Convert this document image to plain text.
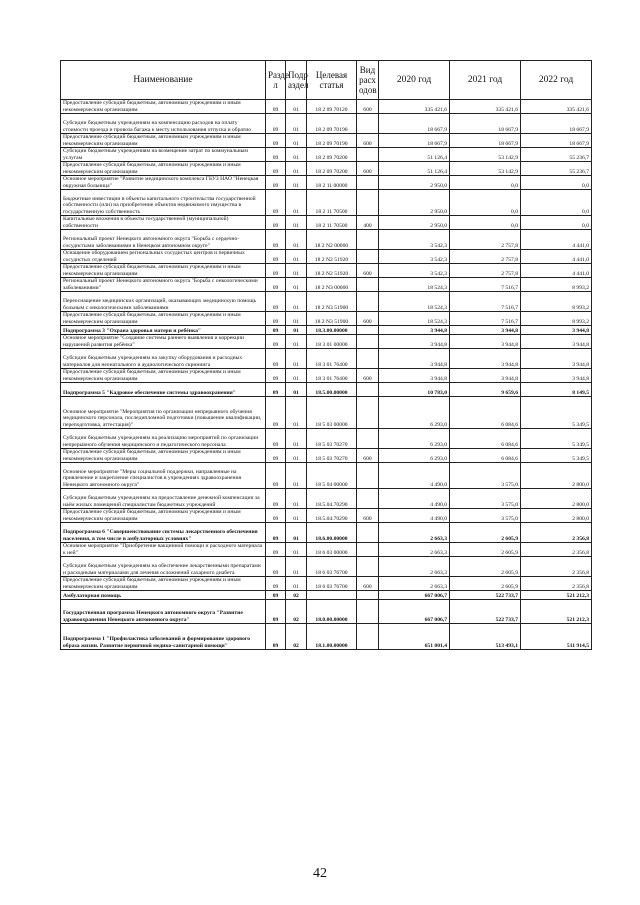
Наименование	Разде л	Подр аздел	Целевая статья	Вид расх одов	2020 год	2021 год	2022 год
Предоставление субсидий бюджетным, автономным учреждениям и иным некоммерческим организациям	09	01	18 2 09 70120	600	335 421,6	335 421,6	335 421,6
Субсидии бюджетным учреждениям на компенсацию расходов на оплату стоимости проезда и провоза багажа к месту использования отпуска и обратно	09	01	18 2 09 70190		18 667,9	18 667,9	18 667,9
Предоставление субсидий бюджетным, автономным учреждениям и иным некоммерческим организациям	09	01	18 2 09 70190	600	18 667,9	18 667,9	18 667,9
Субсидии бюджетным учреждениям на возмещение затрат по коммунальным услугам	09	01	18 2 09 70200		51 126,4	53 142,9	55 236,7
Предоставление субсидий бюджетным, автономным учреждениям и иным некоммерческим организациям	09	01	18 2 09 70200	600	51 126,4	53 142,9	55 236,7
Основное мероприятие "Развитие медицинского комплекса ГБУЗ НАО "Ненецкая окружная больница"	09	01	18 2 11 00000		2 950,0	0,0	0,0
Бюджетные инвестиции в объекты капитального строительства государственной собственности (или) на приобретение объектов недвижимого имущества в государственную собственность	09	01	18 2 11 70500		2 950,0	0,0	0,0
Капитальные вложения в объекты государственной (муниципальной) собственности	09	01	18 2 11 70500	400	2 950,0	0,0	0,0
Региональный проект Ненецкого автономного округа "Борьба с сердечно-сосудистыми заболеваниями в Ненецком автономном округе"	09	01	18 2 N2 00000		3 542,3	2 757,8	4 441,0
Оснащение оборудованием региональных сосудистых центров и первичных сосудистых отделений	09	01	18 2 N2 51920		3 542,3	2 757,8	4 441,0
Предоставление субсидий бюджетным, автономным учреждениям и иным некоммерческим организациям	09	01	18 2 N2 51920	600	3 542,3	2 757,8	4 441,0
Региональный проект Ненецкого автономного округа "Борьба с онкологическими заболеваниями"	09	01	18 2 N3 00000		18 524,3	7 516,7	8 993,2
Переоснащение медицинских организаций, оказывающих медицинскую помощь больным с онкологическими заболеваниями	09	01	18 2 N3 51900		18 524,3	7 516,7	8 993,2
Предоставление субсидий бюджетным, автономным учреждениям и иным некоммерческим организациям	09	01	18 2 N3 51900	600	18 524,3	7 516,7	8 993,2
Подпрограмма 3 "Охрана здоровья матери и ребёнка"	09	01	18.3.00.00000		3 944,8	3 944,8	3 944,8
Основное мероприятие "Создание системы раннего выявления и коррекции нарушений развития ребёнка"	09	01	18 3 01 00000		3 944,8	3 944,8	3 944,8
Субсидии бюджетным учреждениям на закупку оборудования и расходных материалов для неонатального и аудиологического скрининга	09	01	18 3 01 76400		3 944,8	3 944,8	3 944,8
Предоставление субсидий бюджетным, автономным учреждениям и иным некоммерческим организациям	09	01	18 3 01 76400	600	3 944,8	3 944,8	3 944,8
Подпрограмма 5 "Кадровое обеспечение системы здравоохранения"	09	01	18.5.00.00000		10 783,0	9 659,6	8 149,5
Основное мероприятие "Мероприятия по организации непрерывного обучения медицинского персонала, последипломной подготовки (повышение квалификации, переподготовка, аттестация)"	09	01	18 5 03 00000		6 293,0	6 084,6	5 349,5
Субсидии бюджетным учреждениям на реализацию мероприятий по организации непрерывного обучения медицинского и педагогического персонала	09	01	18 5 03 70270		6 293,0	6 084,6	5 349,5
Предоставление субсидий бюджетным, автономным учреждениям и иным некоммерческим организациям	09	01	18 5 03 70270	600	6 293,0	6 084,6	5 349,5
Основное мероприятие "Меры социальной поддержки, направленные на привлечение и закрепление специалистов в учреждениях здравоохранения Ненецкого автономного округа"	09	01	18 5 04 00000		4 490,0	3 575,0	2 800,0
Субсидии бюджетным учреждениям на предоставление денежной компенсации за наём жилых помещений специалистам бюджетных учреждений	09	01	18.5.04.70290		4 490,0	3 575,0	2 800,0
Предоставление субсидий бюджетным, автономным учреждениям и иным некоммерческим организациям	09	01	18.5.04.70290	600	4 490,0	3 575,0	2 800,0
Подпрограмма 6 "Совершенствование системы лекарственного обеспечения населения, в том числе в амбулаторных условиях"	09	01	18.6.00.00000		2 663,3	2 605,9	2 356,8
Основное мероприятие "Приобретение вакцинной помощи и расходного материала к ней"	09	01	18 6 03 00000		2 663,3	2 605,9	2 356,8
Субсидии бюджетным учреждениям на обеспечение лекарственными препаратами и расходными материалами для лечения осложнений сахарного диабета	09	01	18 6 03 76700		2 663,3	2 605,9	2 356,8
Предоставление субсидий бюджетным, автономным учреждениям и иным некоммерческим организациям	09	01	18 6 03 76700	600	2 663,3	2 605,9	2 356,8
Амбулаторная помощь	09	02			667 006,7	522 733,7	521 212,3
Государственная программа Ненецкого автономного округа "Развитие здравоохранения Ненецкого автономного округа"	09	02	18.0.00.00000		667 006,7	522 733,7	521 212,3
Подпрограмма 1 "Профилактика заболеваний и формирование здорового образа жизни. Развитие первичной медико-санитарной помощи"	09	02	18.1.00.00000		651 001,4	513 493,1	511 914,5
42
